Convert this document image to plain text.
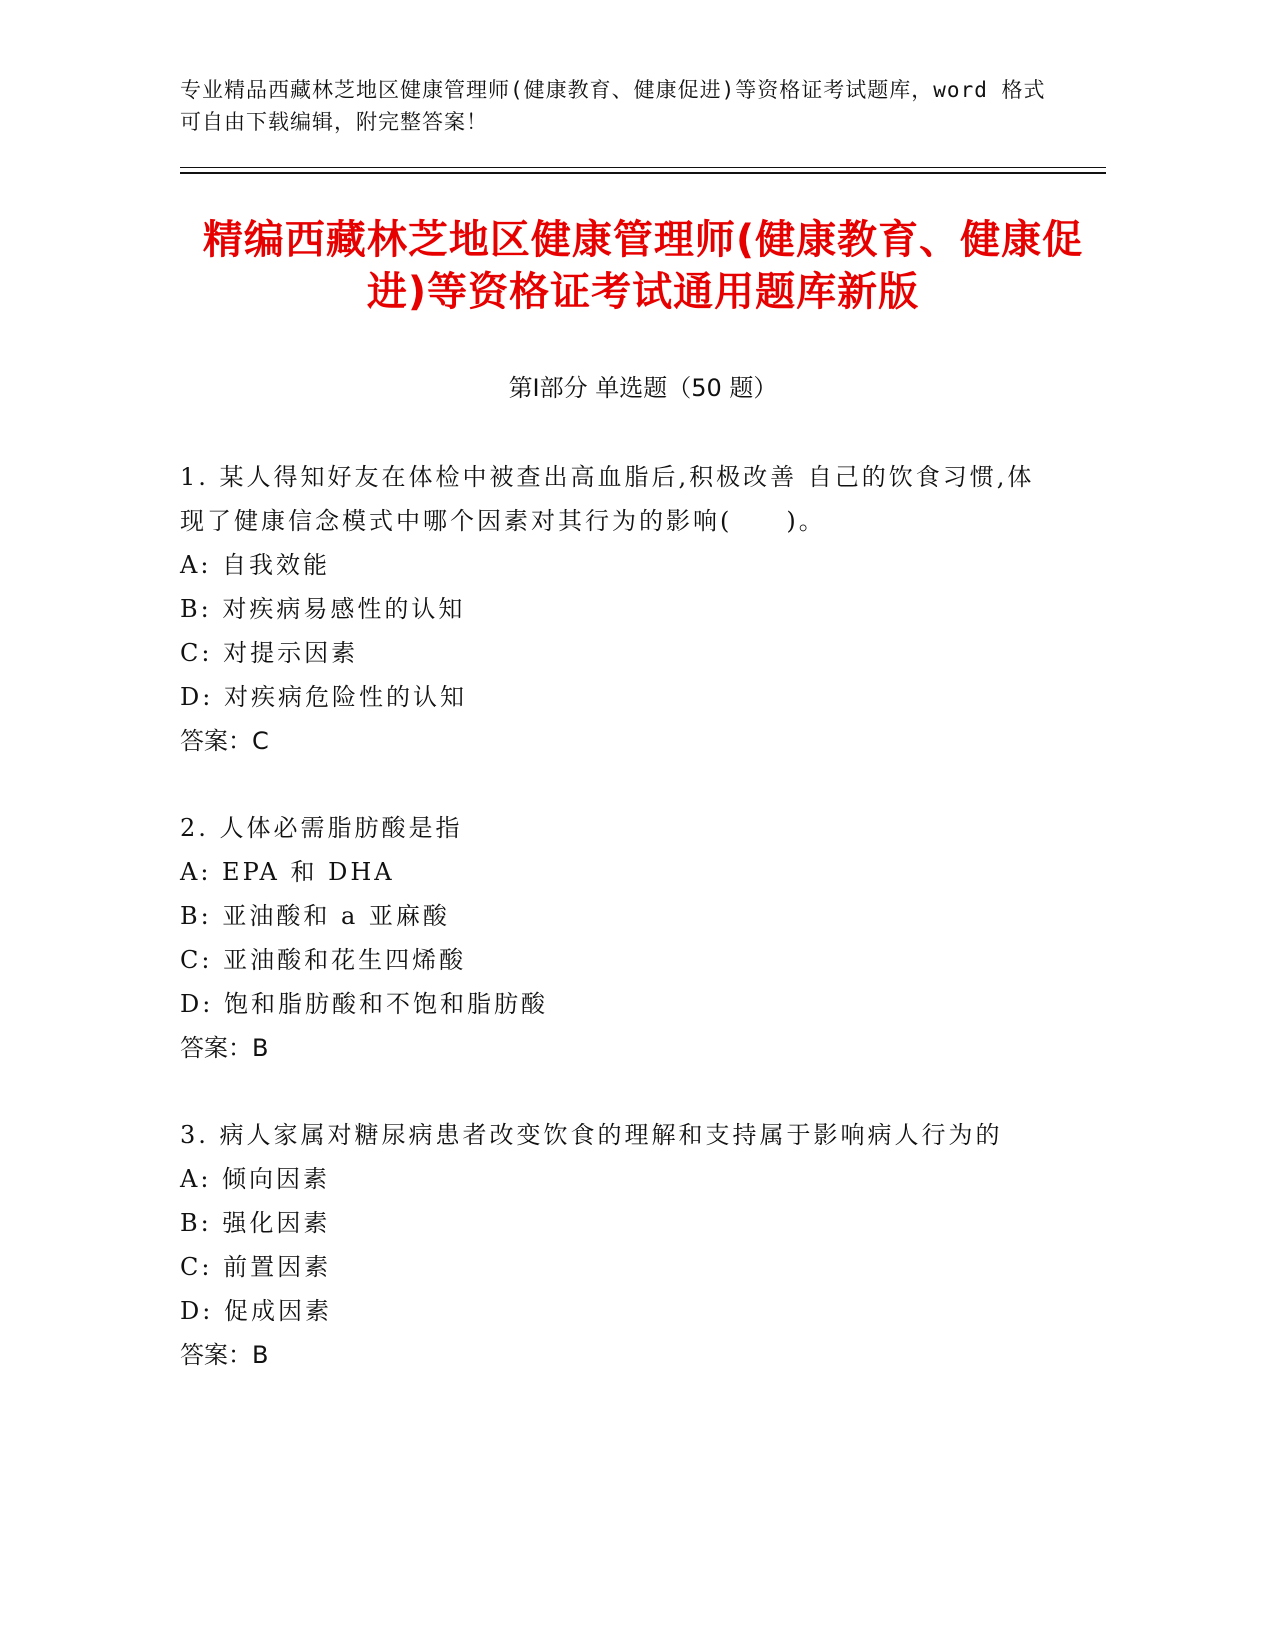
专业精品西藏林芝地区健康管理师(健康教育、健康促进)等资格证考试题库，word 格式可自由下载编辑，附完整答案！

精编西藏林芝地区健康管理师(健康教育、健康促进)等资格证考试通用题库新版
第Ⅰ部分 单选题（50 题）

1. 某人得知好友在体检中被查出高血脂后,积极改善 自己的饮食习惯,体现了健康信念模式中哪个因素对其行为的影响(　　)。

A: 自我效能

B: 对疾病易感性的认知

C: 对提示因素

D: 对疾病危险性的认知

答案：C

2. 人体必需脂肪酸是指

A: EPA 和 DHA

B: 亚油酸和 a 亚麻酸

C: 亚油酸和花生四烯酸

D: 饱和脂肪酸和不饱和脂肪酸

答案：B

3. 病人家属对糖尿病患者改变饮食的理解和支持属于影响病人行为的

A: 倾向因素

B: 强化因素

C: 前置因素

D: 促成因素

答案：B
